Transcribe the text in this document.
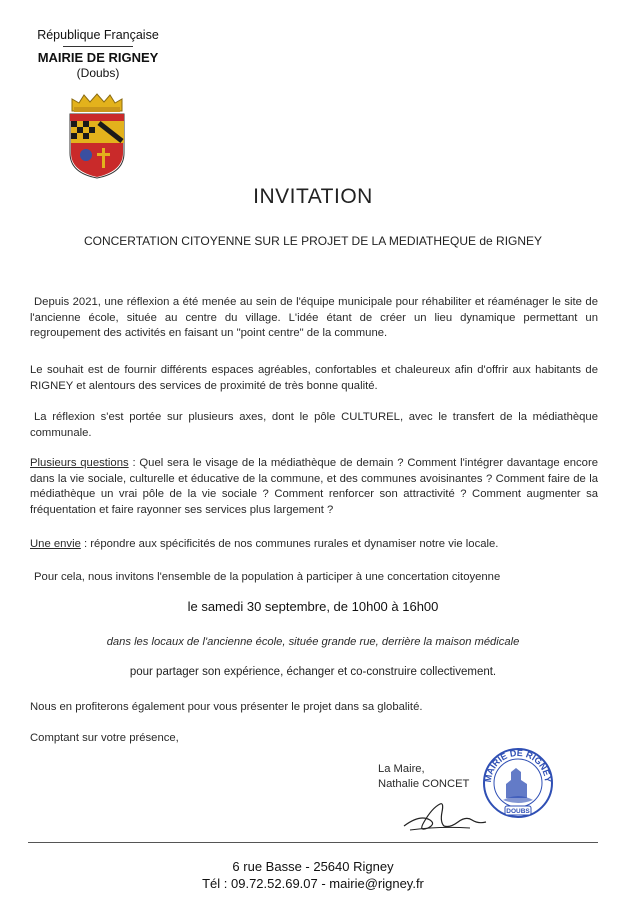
République Française
MAIRIE DE RIGNEY
(Doubs)
INVITATION
CONCERTATION CITOYENNE SUR LE PROJET DE LA MEDIATHEQUE de RIGNEY
Depuis 2021, une réflexion a été menée au sein de l'équipe municipale pour réhabiliter et réaménager le site de l'ancienne école, située au centre du village. L'idée étant de créer un lieu dynamique permettant un regroupement des activités en faisant un "point centre" de la commune.
Le souhait est de fournir différents espaces agréables, confortables et chaleureux afin d'offrir aux habitants de RIGNEY et alentours des services de proximité de très bonne qualité.
La réflexion s'est portée sur plusieurs axes, dont le pôle CULTUREL, avec le transfert de la médiathèque communale.
Plusieurs questions : Quel sera le visage de la médiathèque de demain ? Comment l'intégrer davantage encore dans la vie sociale, culturelle et éducative de la commune, et des communes avoisinantes ? Comment faire de la médiathèque un vrai pôle de la vie sociale ? Comment renforcer son attractivité ? Comment augmenter sa fréquentation et faire rayonner ses services plus largement ?
Une envie : répondre aux spécificités de nos communes rurales et dynamiser notre vie locale.
Pour cela, nous invitons l'ensemble de la population à participer à une concertation citoyenne
le samedi 30 septembre, de 10h00 à 16h00
dans les locaux de l'ancienne école, située grande rue, derrière la maison médicale
pour partager son expérience, échanger et co-construire collectivement.
Nous en profiterons également pour vous présenter le projet dans sa globalité.
Comptant sur votre présence,
La Maire,
Nathalie CONCET MAIRIE DE RIGNEY
DOUBS
6 rue Basse - 25640 Rigney
Tél : 09.72.52.69.07 - mairie@rigney.fr
